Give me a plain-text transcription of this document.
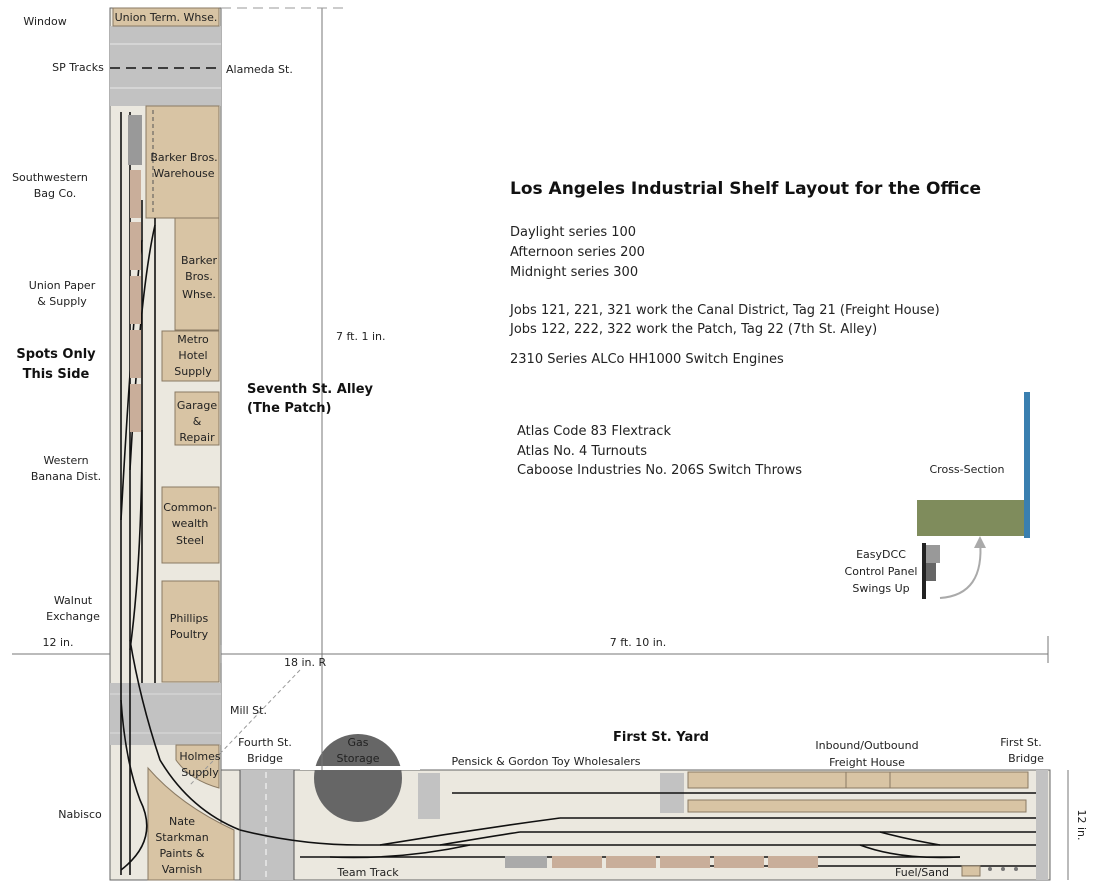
Los Angeles Industrial Shelf Layout for the Office
Daylight series 100
Afternoon series 200
Midnight series 300
Jobs 121, 221, 321 work the Canal District, Tag 21 (Freight House)
Jobs 122, 222, 322 work the Patch, Tag 22 (7th St. Alley)
2310 Series ALCo HH1000 Switch Engines
Atlas Code 83 Flextrack
Atlas No. 4 Turnouts
Caboose Industries No. 206S Switch Throws
Window
SP Tracks
Southwestern
Bag Co.
Union Paper
& Supply
Spots Only
This Side
Western
Banana Dist.
Walnut
Exchange
Nabisco
Alameda St.
Seventh St. Alley
(The Patch)
Mill St.
Fourth St.
Bridge
First St.
Bridge
First St. Yard
Union Term. Whse.
Barker Bros.
Warehouse
Barker
Bros.
Whse.
Metro
Hotel
Supply
Garage
&
Repair
Common-
wealth
Steel
Phillips
Poultry
Holmes
Supply
Nate
Starkman
Paints &
Varnish
Gas
Storage	Pensick & Gordon Toy Wholesalers
Inbound/Outbound
Freight House
Team Track	Fuel/Sand
7 ft. 1 in.
7 ft. 10 in.
12 in.
18 in. R
12 in.
Cross-Section
EasyDCC
Control Panel
Swings Up
